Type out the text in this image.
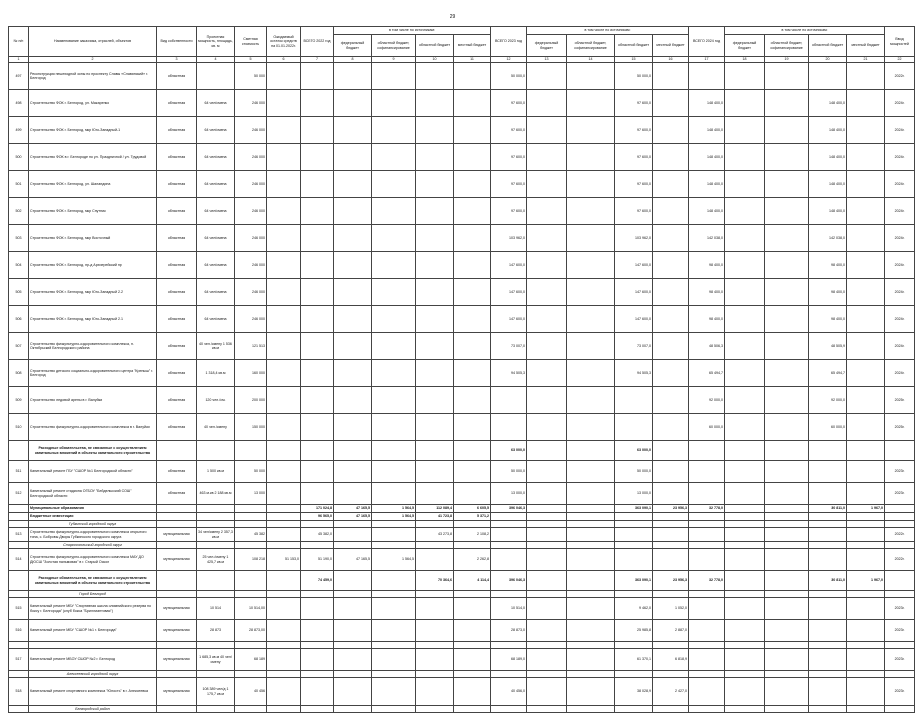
29
№ п/п	Наименование заказчика, отраслей, объектов	Вид собственности	Проектная мощность, площадь, кв. м	Сметная стоимость	Ожидаемый остаток средств на 01.01.2022г.	ВСЕГО 2022 год	в том числе по источникам:				ВСЕГО 2023 год	в том числе по источникам:				ВСЕГО 2024 год	в том числе по источникам:				Ввод мощностей
							федеральный бюджет	областной бюджет, софинансирование	областной бюджет	местный бюджет		федеральный бюджет	областной бюджет, софинансирование	областной бюджет	местный бюджет		федеральный бюджет	областной бюджет, софинансирование	областной бюджет	местный бюджет	
1	2	3	4	5	6	7	8	9	10	11	12	13	14	15	16	17	18	19	20	21	22
497	Реконструкция пешеходной зоны по проспекту Славы «Славянский» г. Белгород	областная		50 000							50 000,0			50 000,0							2022г.
498	Строительство ФОК г. Белгород, ул. Макаренко	областная	64 чел/смена	246 000							97 600,0			97 600,0		148 400,0			148 400,0		2024г.
499	Строительство ФОК г. Белгород, мкр Юго-Западный-1	областная	64 чел/смена	246 000							97 600,0			97 600,0		148 400,0			148 400,0		2024г.
500	Строительство ФОК в г. Белгороде по ул. Праздничной / ул. Трудовой	областная	64 чел/смена	246 000							97 600,0			97 600,0		148 400,0			148 400,0		2024г.
501	Строительство ФОК г. Белгород, ул. Шаландина	областная	64 чел/смена	246 000							97 600,0			97 600,0		148 400,0			148 400,0		2024г.
502	Строительство ФОК г. Белгород, мкр Спутник	областная	64 чел/смена	246 000							97 600,0			97 600,0		148 400,0			148 400,0		2024г.
503	Строительство ФОК г. Белгород, мкр Восточный	областная	64 чел/смена	246 000							103 962,0			103 962,0		142 038,0			142 038,0		2024г.
504	Строительство ФОК г. Белгород, пр-д Архиерейский пр	областная	64 чел/смена	246 000							147 600,0			147 600,0		98 400,0			98 400,0		2024г.
505	Строительство ФОК г. Белгород, мкр Юго-Западный 2.2	областная	64 чел/смена	246 000							147 600,0			147 600,0		98 400,0			98 400,0		2024г.
506	Строительство ФОК г. Белгород, мкр Юго-Западный 2.1	областная	64 чел/смена	246 000							147 600,0			147 600,0		98 400,0			98 400,0		2024г.
507	Строительство физкультурно-оздоровительного комплекса, п. Октябрьский Белгородского района	областная	40 чел./смену 1 536 кв.м	121 513							73 007,0			73 007,0		48 506,3			48 505,9		2024г.
508	Строительство детского социально-оздоровительного центра "Крепыш" г. Белгород	областная	1 318,4 кв.м	160 000							94 505,3			94 505,3		65 494,7			65 494,7		2024г.
509	Строительство ледовой арены в г. Валуйки	областная	120 чел./см.	200 000												92 000,0			92 000,0		2025г.
510	Строительство физкультурно-оздоровительного комплекса в г. Валуйки	областная	40 чел./смену	150 000												60 000,0			60 000,0		2025г.
	Расходные обязательства, не связанные с осуществлением капитальных вложений в объекты капитального строительства										63 000,0			63 000,0							
511	Капитальный ремонт ГБУ "СШОР №1 Белгородской области"	областная	1 500 кв.м	50 000							50 000,0			50 000,0							2023г.
512	Капитальный ремонт стадиона ОГБОУ "Бейдельсский СОШ" Белгородской области	областная	463 м.кв 2 188 кв.м	13 000							13 000,0			13 000,0							2023г.
	Муниципальные образования					171 024,8	47 165,5	1 564,5	112 089,4	6 605,5	396 046,3			363 090,1	23 956,3	32 778,0			30 811,0	1 967,0	
	Бюджетные инвестиции					96 565,0	47 165,5	1 564,5	41 723,8	5 371,2											
	Губкинский городской округ																				
513	Строительство физкультурно-оздоровительного комплекса открытого типа, с. Бобровы Дворы Губкинского городского округа	муниципальная	34 чел/смену 2 357,3 кв.м	45 382		45 382,0			43 273,8	2 108,2											2022г.
	Старооскольский городской округ																				
514	Строительство физкультурно-оздоровительного комплекса МАУ ДО ДЮСШ "Золотая пальмовая" в г. Старый Оскол	муниципальная	25 чел./смену 1 425,7 кв.м	108 218	51 153,0	51 190,0	47 165,5	1 564,5		2 262,8											2022г.
	Расходные обязательства, не связанные с осуществлением капитальных вложений в объекты капитального строительства					74 459,0			70 364,6	4 114,4	396 046,3			363 090,1	23 956,3	32 778,0			30 811,0	1 967,0	
	Город Белгород																				
515	Капитальный ремонт МБУ "Спортивная школа олимпийского резерва по боксу г. Белгорода" (клуб бокса "Бриллиантовая")	муниципальная	10 514	10 514,00							10 514,0			9 462,0	1 052,0						2023г.
516	Капитальный ремонт МБУ "СШОР №1 г. Белгорода"	муниципальная	28 873	28 873,00							28 873,0			25 985,8	2 887,0						2023г.

517	Капитальный ремонт МБОУ СШОР №2 г. Белгород	муниципальная	1 685,3 кв.м 40 чел/смену	68 189							68 189,0			61 370,1	6 818,9						2023г.
	Алексеевский городской округ																				
518	Капитальный ремонт спортивного комплекса "Юность" в г. Алексеевка	муниципальная	108 389 чел/д 1 175,7 кв.м	40 456							40 456,0			38 028,9	2 427,0						2023г.
	Белгородский район																				
